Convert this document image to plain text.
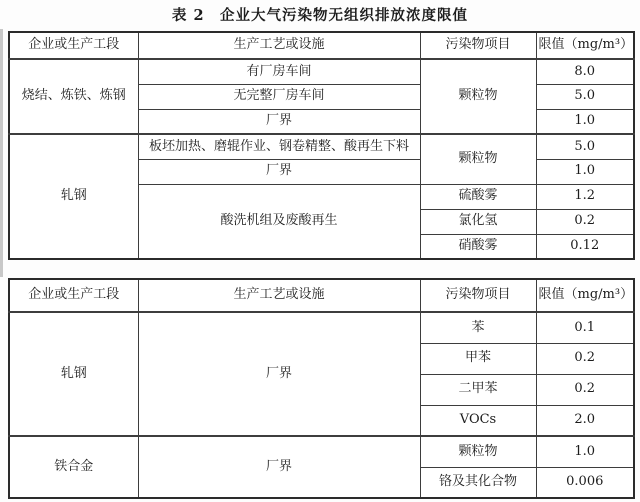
表 2　企业大气污染物无组织排放浓度限值
企业或生产工段	生产工艺或设施	污染物项目	限值（mg/m³）
烧结、炼铁、炼钢	有厂房车间	颗粒物	8.0
	无完整厂房车间		5.0
	厂界		1.0
轧钢	板坯加热、磨辊作业、钢卷精整、酸再生下料	颗粒物	5.0
	厂界		1.0
	酸洗机组及废酸再生	硫酸雾	1.2
		氯化氢	0.2
		硝酸雾	0.12
企业或生产工段	生产工艺或设施	污染物项目	限值（mg/m³）
轧钢	厂界	苯	0.1
		甲苯	0.2
		二甲苯	0.2
		VOCs	2.0
铁合金	厂界	颗粒物	1.0
		铬及其化合物	0.006
